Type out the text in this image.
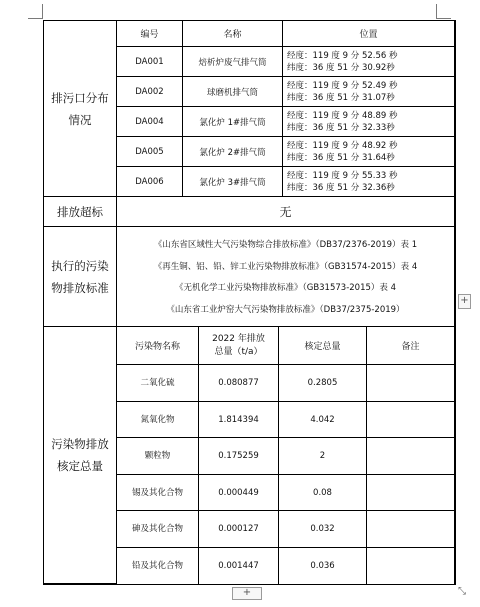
排污口分布情况
编号	名称	位置
DA001	焙析炉废气排气筒
经度：119 度 9 分 52.56 秒
纬度：36 度 51 分 30.92秒
DA002	球磨机排气筒
经度：119 度 9 分 52.49 秒
纬度：36 度 51 分 31.07秒
DA004	氯化炉 1#排气筒
经度：119 度 9 分 48.89 秒
纬度：36 度 51 分 32.33秒
DA005	氯化炉 2#排气筒
经度：119 度 9 分 48.92 秒
纬度：36 度 51 分 31.64秒
DA006	氯化炉 3#排气筒
经度：119 度 9 分 55.33 秒
纬度：36 度 51 分 32.36秒
排放超标	无
执行的污染物排放标准
《山东省区域性大气污染物综合排放标准》（DB37/2376-2019）表 1
《再生铜、铝、铅、锌工业污染物排放标准》（GB31574-2015）表 4
《无机化学工业污染物排放标准》（GB31573-2015）表 4
《山东省工业炉窑大气污染物排放标准》（DB37/2375-2019）
污染物排放核定总量
污染物名称
2022 年排放总量（t/a）	核定总量	备注
二氧化硫	0.080877	0.2805
氮氧化物	1.814394	4.042
颗粒物	0.175259	2
锡及其化合物	0.000449	0.08
砷及其化合物	0.000127	0.032
铅及其化合物	0.001447	0.036
+
+	⤡
